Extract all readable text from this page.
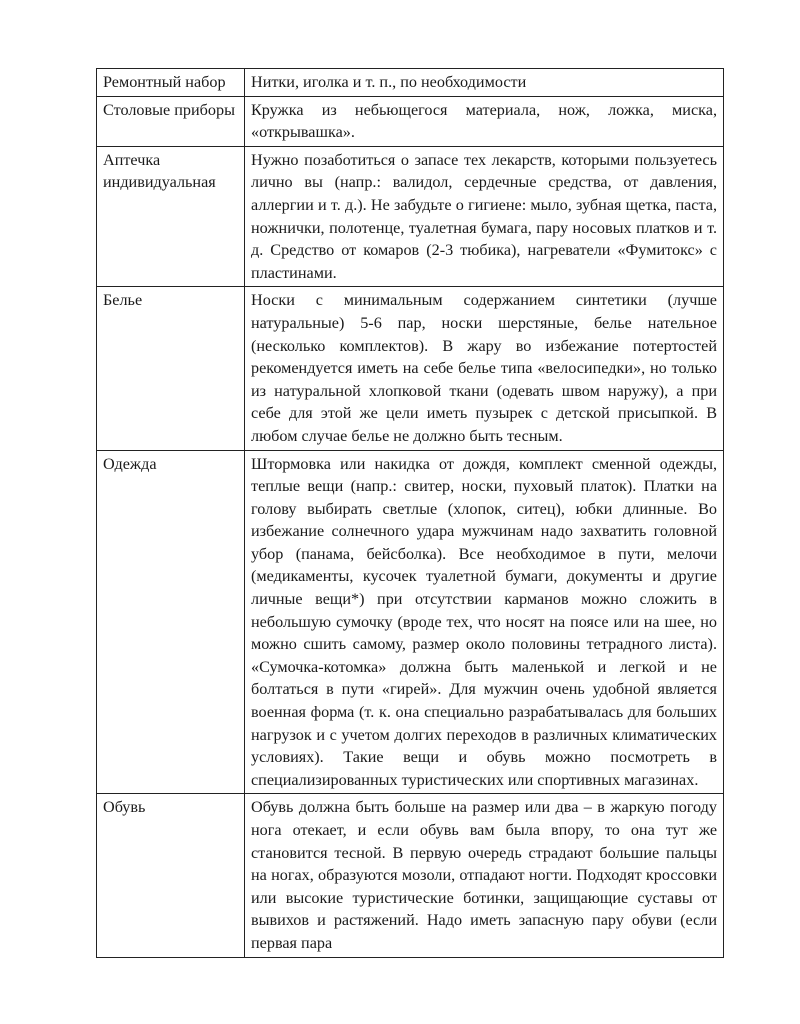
Ремонтный набор	Нитки, иголка и т. п., по необходимости
Столовые приборы	Кружка из небьющегося материала, нож, ложка, миска, «открывашка».
Аптечка индивидуальная	Нужно позаботиться о запасе тех лекарств, которыми пользуетесь лично вы (напр.: валидол, сердечные средства, от давления, аллергии и т. д.). Не забудьте о гигиене: мыло, зубная щетка, паста, ножнички, полотенце, туалетная бумага, пару носовых платков и т. д. Средство от комаров (2-3 тюбика), нагреватели «Фумитокс» с пластинами.
Белье	Носки с минимальным содержанием синтетики (лучше натуральные) 5-6 пар, носки шерстяные, белье нательное (несколько комплектов). В жару во избежание потертостей рекомендуется иметь на себе белье типа «велосипедки», но только из натуральной хлопковой ткани (одевать швом наружу), а при себе для этой же цели иметь пузырек с детской присыпкой. В любом случае белье не должно быть тесным.
Одежда	Штормовка или накидка от дождя, комплект сменной одежды, теплые вещи (напр.: свитер, носки, пуховый платок). Платки на голову выбирать светлые (хлопок, ситец), юбки длинные. Во избежание солнечного удара мужчинам надо захватить головной убор (панама, бейсболка). Все необходимое в пути, мелочи (медикаменты, кусочек туалетной бумаги, документы и другие личные вещи*) при отсутствии карманов можно сложить в небольшую сумочку (вроде тех, что носят на поясе или на шее, но можно сшить самому, размер около половины тетрадного листа). «Сумочка-котомка» должна быть маленькой и легкой и не болтаться в пути «гирей». Для мужчин очень удобной является военная форма (т. к. она специально разрабатывалась для больших нагрузок и с учетом долгих переходов в различных климатических условиях). Такие вещи и обувь можно посмотреть в специализированных туристических или спортивных магазинах.
Обувь	Обувь должна быть больше на размер или два – в жаркую погоду нога отекает, и если обувь вам была впору, то она тут же становится тесной. В первую очередь страдают большие пальцы на ногах, образуются мозоли, отпадают ногти. Подходят кроссовки или высокие туристические ботинки, защищающие суставы от вывихов и растяжений. Надо иметь запасную пару обуви (если первая пара
